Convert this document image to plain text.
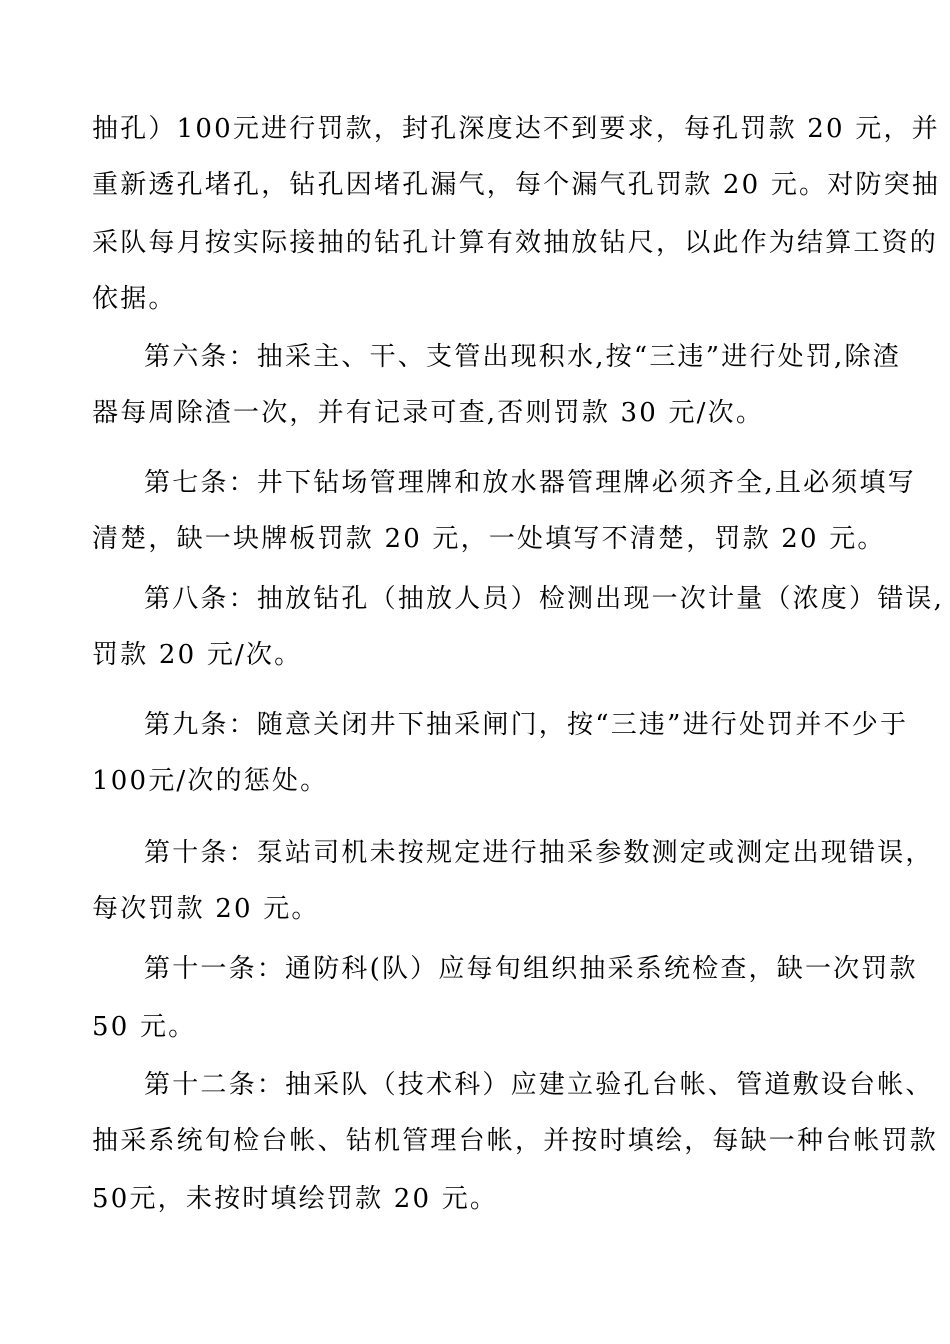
抽孔）100元进行罚款，封孔深度达不到要求，每孔罚款 20 元，并
重新透孔堵孔，钻孔因堵孔漏气，每个漏气孔罚款 20 元。对防突抽
采队每月按实际接抽的钻孔计算有效抽放钻尺，以此作为结算工资的
依据。
第六条：抽采主、干、支管出现积水,按“三违”进行处罚,除渣
器每周除渣一次，并有记录可查,否则罚款 30 元/次。
第七条：井下钻场管理牌和放水器管理牌必须齐全,且必须填写
清楚，缺一块牌板罚款 20 元，一处填写不清楚，罚款 20 元。
第八条：抽放钻孔（抽放人员）检测出现一次计量（浓度）错误,
罚款 20 元/次。
第九条：随意关闭井下抽采闸门，按“三违”进行处罚并不少于
100元/次的惩处。
第十条：泵站司机未按规定进行抽采参数测定或测定出现错误，
每次罚款 20 元。
第十一条：通防科(队）应每旬组织抽采系统检查，缺一次罚款
50 元。
第十二条：抽采队（技术科）应建立验孔台帐、管道敷设台帐、
抽采系统旬检台帐、钻机管理台帐，并按时填绘，每缺一种台帐罚款
50元，未按时填绘罚款 20 元。
